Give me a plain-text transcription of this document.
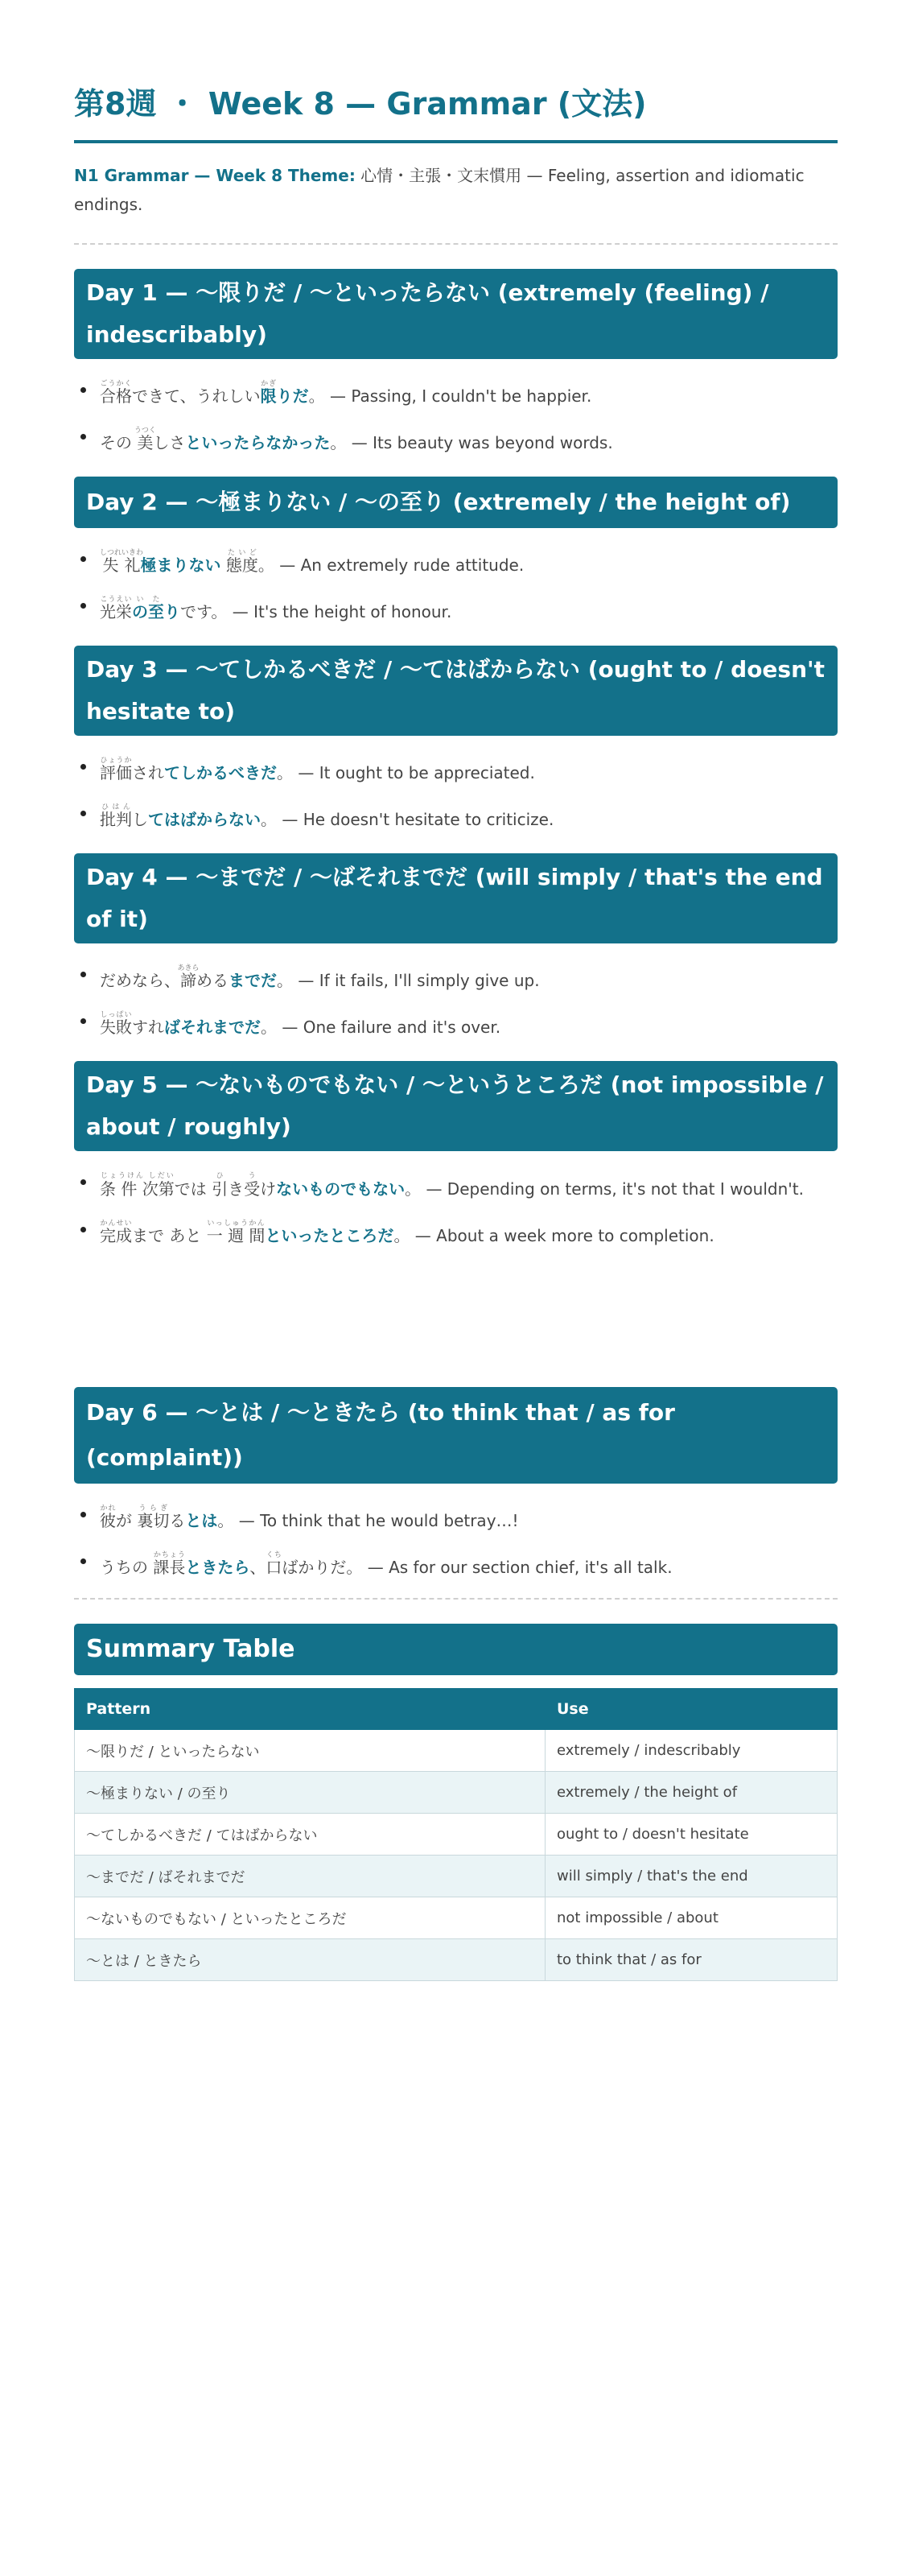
第8週 ・ Week 8 — Grammar (文法)

N1 Grammar — Week 8 Theme: 心情・主張・文末慣用 — Feeling, assertion and idiomatic endings.

Day 1 — ～限りだ / ～といったらない (extremely (feeling) / indescribably)
合格ごうかくできて、うれしい限かぎりだ。 — Passing, I couldn't be happier.
その 美うつくしさといったらなかった。 — Its beauty was beyond words.
Day 2 — ～極まりない / ～の至り (extremely / the height of)
失礼しつれいきわ極まりない 態度たいど。 — An extremely rude attitude.
光栄こうえいの至いたりです。 — It's the height of honour.
Day 3 — ～てしかるべきだ / ～てはばからない (ought to / doesn't hesitate to)
評価ひょうかされてしかるべきだ。 — It ought to be appreciated.
批判ひはんしてはばからない。 — He doesn't hesitate to criticize.
Day 4 — ～までだ / ～ばそれまでだ (will simply / that's the end of it)
だめなら、諦あきらめるまでだ。 — If it fails, I'll simply give up.
失敗しっぱいすればそれまでだ。 — One failure and it's over.
Day 5 — ～ないものでもない / ～というところだ (not impossible / about / roughly)
条 件 次第じょうけん しだいでは 引ひき受うけないものでもない。 — Depending on terms, it's not that I wouldn't.
完成かんせいまで あと 一 週 間いっしゅうかんといったところだ。 — About a week more to completion.
Day 6 — ～とは / ～ときたら (to think that / as for (complaint))
彼かれが 裏切うらぎるとは。 — To think that he would betray…!
うちの 課長かちょうときたら、口くちばかりだ。 — As for our section chief, it's all talk.
Summary Table
Pattern	Use
～限りだ / といったらない	extremely / indescribably
～極まりない / の至り	extremely / the height of
～てしかるべきだ / てはばからない	ought to / doesn't hesitate
～までだ / ばそれまでだ	will simply / that's the end
～ないものでもない / といったところだ	not impossible / about
～とは / ときたら	to think that / as for
